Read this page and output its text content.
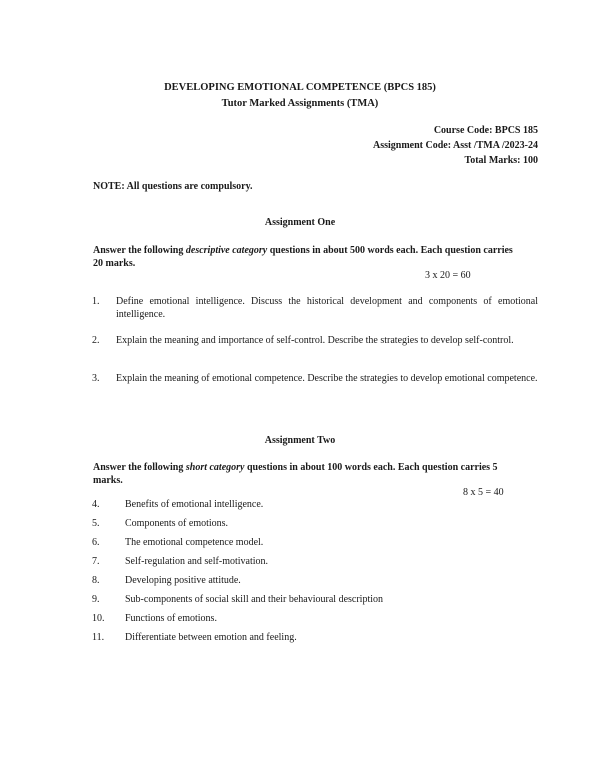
DEVELOPING EMOTIONAL COMPETENCE (BPCS 185)
Tutor Marked Assignments (TMA)
Course Code: BPCS 185
Assignment Code: Asst /TMA /2023-24
Total Marks: 100
NOTE: All questions are compulsory.
Assignment One
Answer the following descriptive category questions in about 500 words each. Each question carries 20 marks.
3 x 20 = 60
1. Define emotional intelligence. Discuss the historical development and components of emotional intelligence.
2. Explain the meaning and importance of self-control. Describe the strategies to develop self-control.
3. Explain the meaning of emotional competence. Describe the strategies to develop emotional competence.
Assignment Two
Answer the following short category questions in about 100 words each. Each question carries 5 marks.
8 x 5 = 40
4.	Benefits of emotional intelligence.
5.	Components of emotions.
6.	The emotional competence model.
7.	Self-regulation and self-motivation.
8.	Developing positive attitude.
9.	Sub-components of social skill and their behavioural description
10. Functions of emotions.
11. Differentiate between emotion and feeling.
